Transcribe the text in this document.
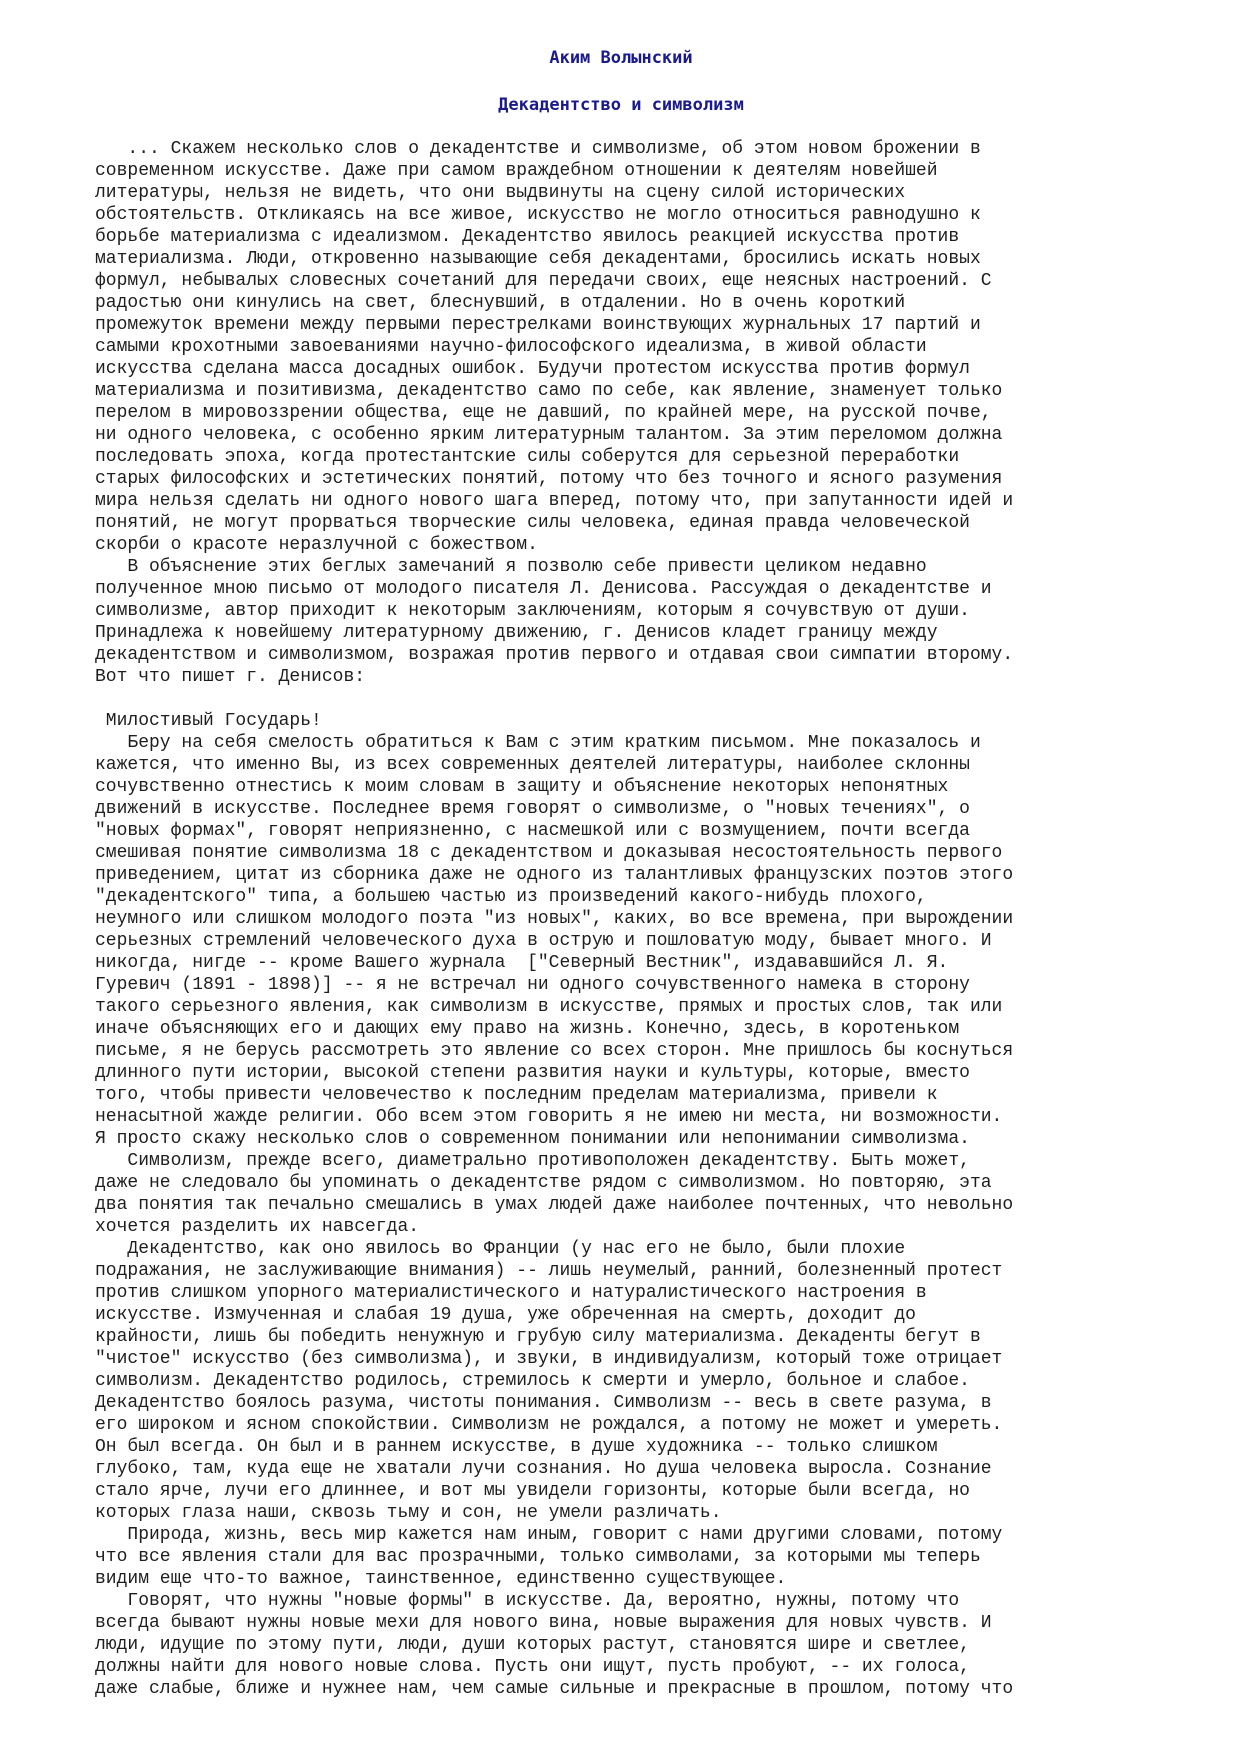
Аким Волынский
Декадентство и символизм
... Скажем несколько слов о декадентстве и символизме, об этом новом брожении в
современном искусстве. Даже при самом враждебном отношении к деятелям новейшей
литературы, нельзя не видеть, что они выдвинуты на сцену силой исторических
обстоятельств. Откликаясь на все живое, искусство не могло относиться равнодушно к
борьбе материализма с идеализмом. Декадентство явилось реакцией искусства против
материализма. Люди, откровенно называющие себя декадентами, бросились искать новых
формул, небывалых словесных сочетаний для передачи своих, еще неясных настроений. С
радостью они кинулись на свет, блеснувший, в отдалении. Но в очень короткий
промежуток времени между первыми перестрелками воинствующих журнальных 17 партий и
самыми крохотными завоеваниями научно-философского идеализма, в живой области
искусства сделана масса досадных ошибок. Будучи протестом искусства против формул
материализма и позитивизма, декадентство само по себе, как явление, знаменует только
перелом в мировоззрении общества, еще не давший, по крайней мере, на русской почве,
ни одного человека, с особенно ярким литературным талантом. За этим переломом должна
последовать эпоха, когда протестантские силы соберутся для серьезной переработки
старых философских и эстетических понятий, потому что без точного и ясного разумения
мира нельзя сделать ни одного нового шага вперед, потому что, при запутанности идей и
понятий, не могут прорваться творческие силы человека, единая правда человеческой
скорби о красоте неразлучной с божеством.
В объяснение этих беглых замечаний я позволю себе привести целиком недавно
полученное мною письмо от молодого писателя Л. Денисова. Рассуждая о декадентстве и
символизме, автор приходит к некоторым заключениям, которым я сочувствую от души.
Принадлежа к новейшему литературному движению, г. Денисов кладет границу между
декадентством и символизмом, возражая против первого и отдавая свои симпатии второму.
Вот что пишет г. Денисов:
Милостивый Государь!
Беру на себя смелость обратиться к Вам с этим кратким письмом. Мне показалось и
кажется, что именно Вы, из всех современных деятелей литературы, наиболее склонны
сочувственно отнестись к моим словам в защиту и объяснение некоторых непонятных
движений в искусстве. Последнее время говорят о символизме, о "новых течениях", о
"новых формах", говорят неприязненно, с насмешкой или с возмущением, почти всегда
смешивая понятие символизма 18 с декадентством и доказывая несостоятельность первого
приведением, цитат из сборника даже не одного из талантливых французских поэтов этого
"декадентского" типа, а большею частью из произведений какого-нибудь плохого,
неумного или слишком молодого поэта "из новых", каких, во все времена, при вырождении
серьезных стремлений человеческого духа в острую и пошловатую моду, бывает много. И
никогда, нигде -- кроме Вашего журнала  ["Северный Вестник", издававшийся Л. Я.
Гуревич (1891 - 1898)] -- я не встречал ни одного сочувственного намека в сторону
такого серьезного явления, как символизм в искусстве, прямых и простых слов, так или
иначе объясняющих его и дающих ему право на жизнь. Конечно, здесь, в коротеньком
письме, я не берусь рассмотреть это явление со всех сторон. Мне пришлось бы коснуться
длинного пути истории, высокой степени развития науки и культуры, которые, вместо
того, чтобы привести человечество к последним пределам материализма, привели к
ненасытной жажде религии. Обо всем этом говорить я не имею ни места, ни возможности.
Я просто скажу несколько слов о современном понимании или непонимании символизма.
Символизм, прежде всего, диаметрально противоположен декадентству. Быть может,
даже не следовало бы упоминать о декадентстве рядом с символизмом. Но повторяю, эта
два понятия так печально смешались в умах людей даже наиболее почтенных, что невольно
хочется разделить их навсегда.
Декадентство, как оно явилось во Франции (у нас его не было, были плохие
подражания, не заслуживающие внимания) -- лишь неумелый, ранний, болезненный протест
против слишком упорного материалистического и натуралистического настроения в
искусстве. Измученная и слабая 19 душа, уже обреченная на смерть, доходит до
крайности, лишь бы победить ненужную и грубую силу материализма. Декаденты бегут в
"чистое" искусство (без символизма), и звуки, в индивидуализм, который тоже отрицает
символизм. Декадентство родилось, стремилось к смерти и умерло, больное и слабое.
Декадентство боялось разума, чистоты понимания. Символизм -- весь в свете разума, в
его широком и ясном спокойствии. Символизм не рождался, а потому не может и умереть.
Он был всегда. Он был и в раннем искусстве, в душе художника -- только слишком
глубоко, там, куда еще не хватали лучи сознания. Но душа человека выросла. Сознание
стало ярче, лучи его длиннее, и вот мы увидели горизонты, которые были всегда, но
которых глаза наши, сквозь тьму и сон, не умели различать.
Природа, жизнь, весь мир кажется нам иным, говорит с нами другими словами, потому
что все явления стали для вас прозрачными, только символами, за которыми мы теперь
видим еще что-то важное, таинственное, единственно существующее.
Говорят, что нужны "новые формы" в искусстве. Да, вероятно, нужны, потому что
всегда бывают нужны новые мехи для нового вина, новые выражения для новых чувств. И
люди, идущие по этому пути, люди, души которых растут, становятся шире и светлее,
должны найти для нового новые слова. Пусть они ищут, пусть пробуют, -- их голоса,
даже слабые, ближе и нужнее нам, чем самые сильные и прекрасные в прошлом, потому что
